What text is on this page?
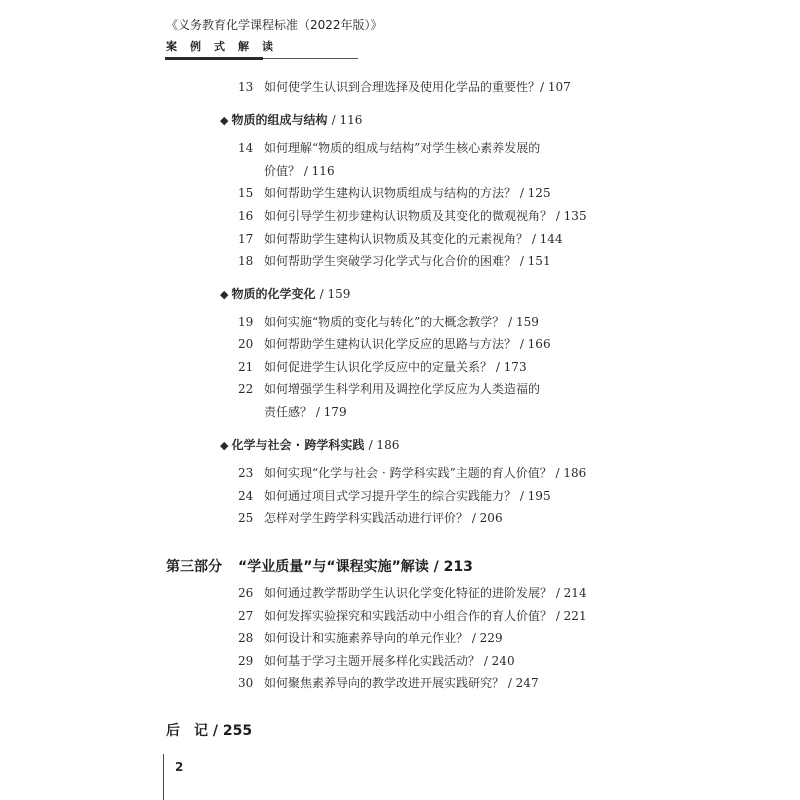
《义务教育化学课程标准（2022年版）》
案例式解读
13 如何使学生认识到合理选择及使用化学品的重要性？/ 107
◆ 物质的组成与结构 / 116
14 如何理解“物质的组成与结构”对学生核心素养发展的
价值？ / 116
15 如何帮助学生建构认识物质组成与结构的方法？ / 125
16 如何引导学生初步建构认识物质及其变化的微观视角？ / 135
17 如何帮助学生建构认识物质及其变化的元素视角？ / 144
18 如何帮助学生突破学习化学式与化合价的困难？ / 151
◆ 物质的化学变化 / 159
19 如何实施“物质的变化与转化”的大概念教学？ / 159
20 如何帮助学生建构认识化学反应的思路与方法？ / 166
21 如何促进学生认识化学反应中的定量关系？ / 173
22 如何增强学生科学利用及调控化学反应为人类造福的
责任感？ / 179
◆ 化学与社会 · 跨学科实践 / 186
23 如何实现“化学与社会 · 跨学科实践”主题的育人价值？ / 186
24 如何通过项目式学习提升学生的综合实践能力？ / 195
25 怎样对学生跨学科实践活动进行评价？ / 206
第三部分 “学业质量”与“课程实施”解读 / 213
26 如何通过教学帮助学生认识化学变化特征的进阶发展？ / 214
27 如何发挥实验探究和实践活动中小组合作的育人价值？ / 221
28 如何设计和实施素养导向的单元作业？ / 229
29 如何基于学习主题开展多样化实践活动？ / 240
30 如何聚焦素养导向的教学改进开展实践研究？ / 247
后　记 / 255
2
